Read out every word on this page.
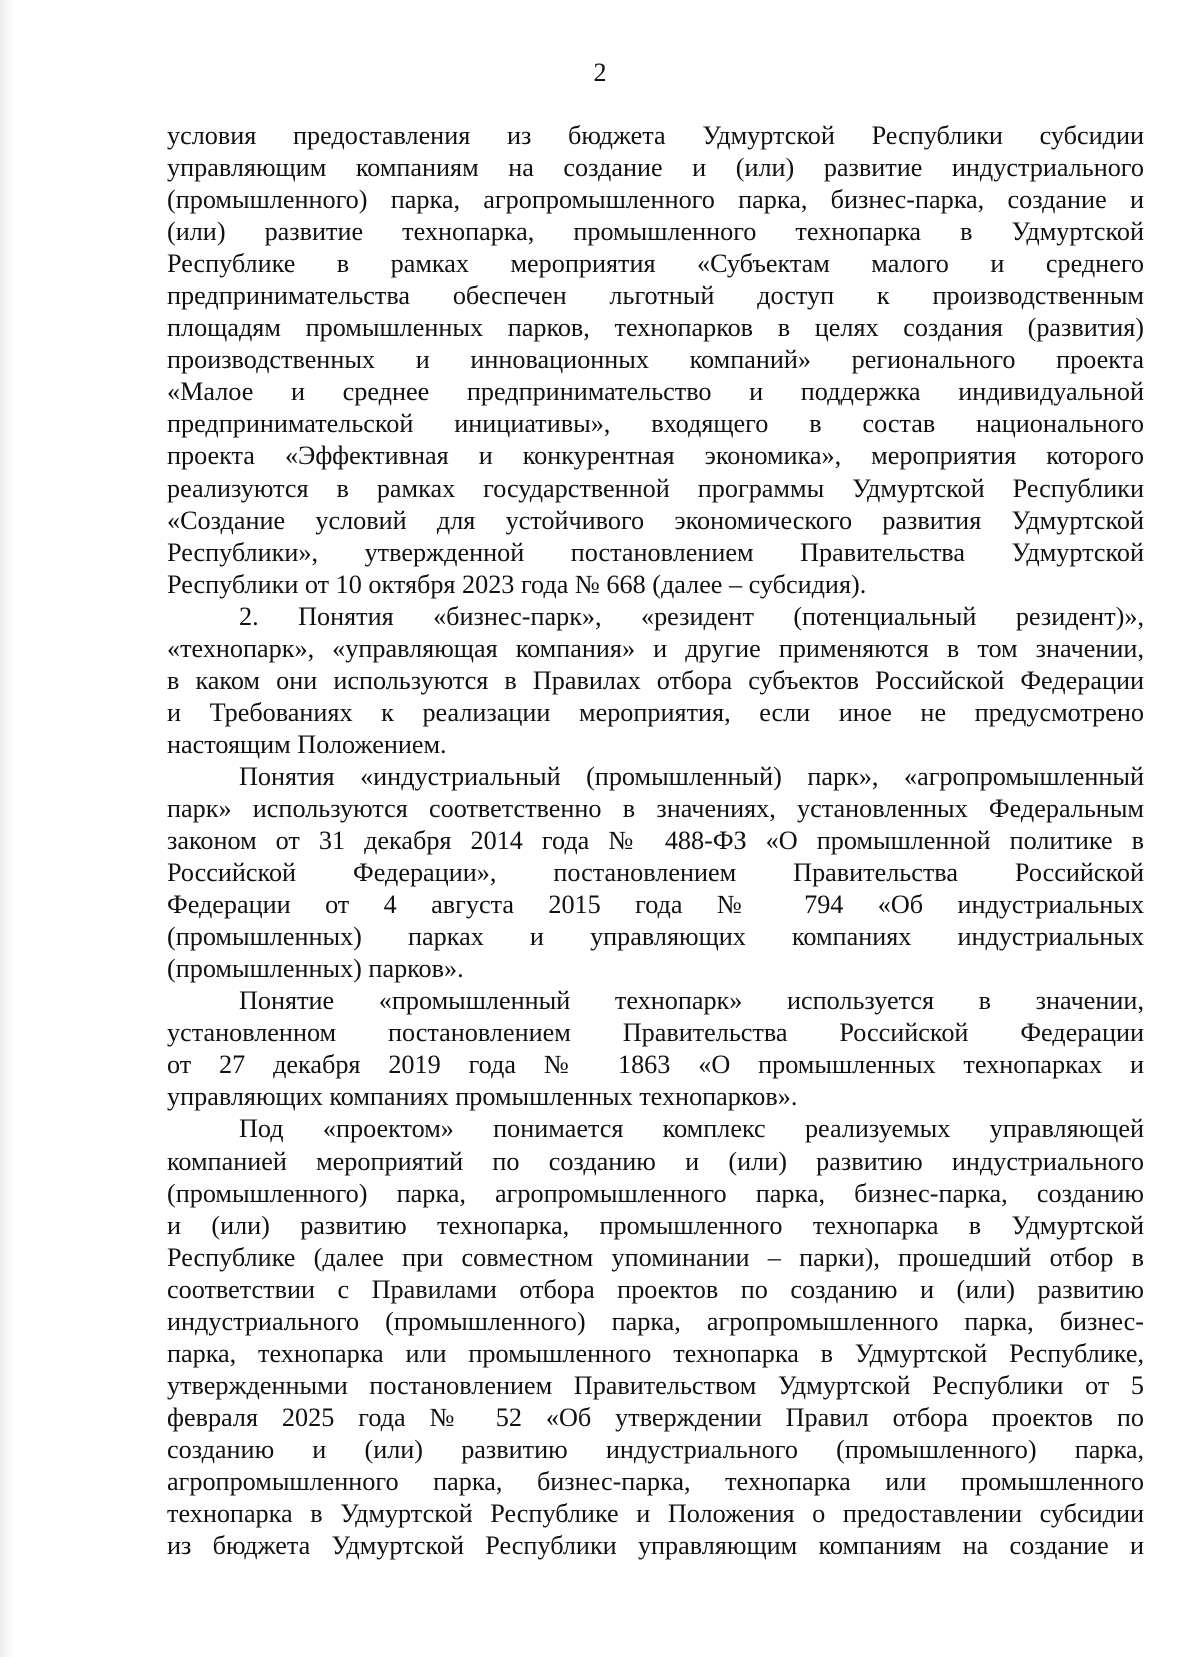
2
условия предоставления из бюджета Удмуртской Республики субсидии
управляющим компаниям на создание и (или) развитие индустриального
(промышленного) парка, агропромышленного парка, бизнес-парка, создание и
(или) развитие технопарка, промышленного технопарка в Удмуртской
Республике в рамках мероприятия «Субъектам малого и среднего
предпринимательства обеспечен льготный доступ к производственным
площадям промышленных парков, технопарков в целях создания (развития)
производственных и инновационных компаний» регионального проекта
«Малое и среднее предпринимательство и поддержка индивидуальной
предпринимательской инициативы», входящего в состав национального
проекта «Эффективная и конкурентная экономика», мероприятия которого
реализуются в рамках государственной программы Удмуртской Республики
«Создание условий для устойчивого экономического развития Удмуртской
Республики», утвержденной постановлением Правительства Удмуртской
Республики от 10 октября 2023 года № 668 (далее – субсидия).
2. Понятия «бизнес-парк», «резидент (потенциальный резидент)»,
«технопарк», «управляющая компания» и другие применяются в том значении,
в каком они используются в Правилах отбора субъектов Российской Федерации
и Требованиях к реализации мероприятия, если иное не предусмотрено
настоящим Положением.
Понятия «индустриальный (промышленный) парк», «агропромышленный
парк» используются соответственно в значениях, установленных Федеральным
законом от 31 декабря 2014 года № 488-ФЗ «О промышленной политике в
Российской Федерации», постановлением Правительства Российской
Федерации от 4 августа 2015 года № 794 «Об индустриальных
(промышленных) парках и управляющих компаниях индустриальных
(промышленных) парков».
Понятие «промышленный технопарк» используется в значении,
установленном постановлением Правительства Российской Федерации
от 27 декабря 2019 года № 1863 «О промышленных технопарках и
управляющих компаниях промышленных технопарков».
Под «проектом» понимается комплекс реализуемых управляющей
компанией мероприятий по созданию и (или) развитию индустриального
(промышленного) парка, агропромышленного парка, бизнес-парка, созданию
и (или) развитию технопарка, промышленного технопарка в Удмуртской
Республике (далее при совместном упоминании – парки), прошедший отбор в
соответствии с Правилами отбора проектов по созданию и (или) развитию
индустриального (промышленного) парка, агропромышленного парка, бизнес-
парка, технопарка или промышленного технопарка в Удмуртской Республике,
утвержденными постановлением Правительством Удмуртской Республики от 5
февраля 2025 года № 52 «Об утверждении Правил отбора проектов по
созданию и (или) развитию индустриального (промышленного) парка,
агропромышленного парка, бизнес-парка, технопарка или промышленного
технопарка в Удмуртской Республике и Положения о предоставлении субсидии
из бюджета Удмуртской Республики управляющим компаниям на создание и
